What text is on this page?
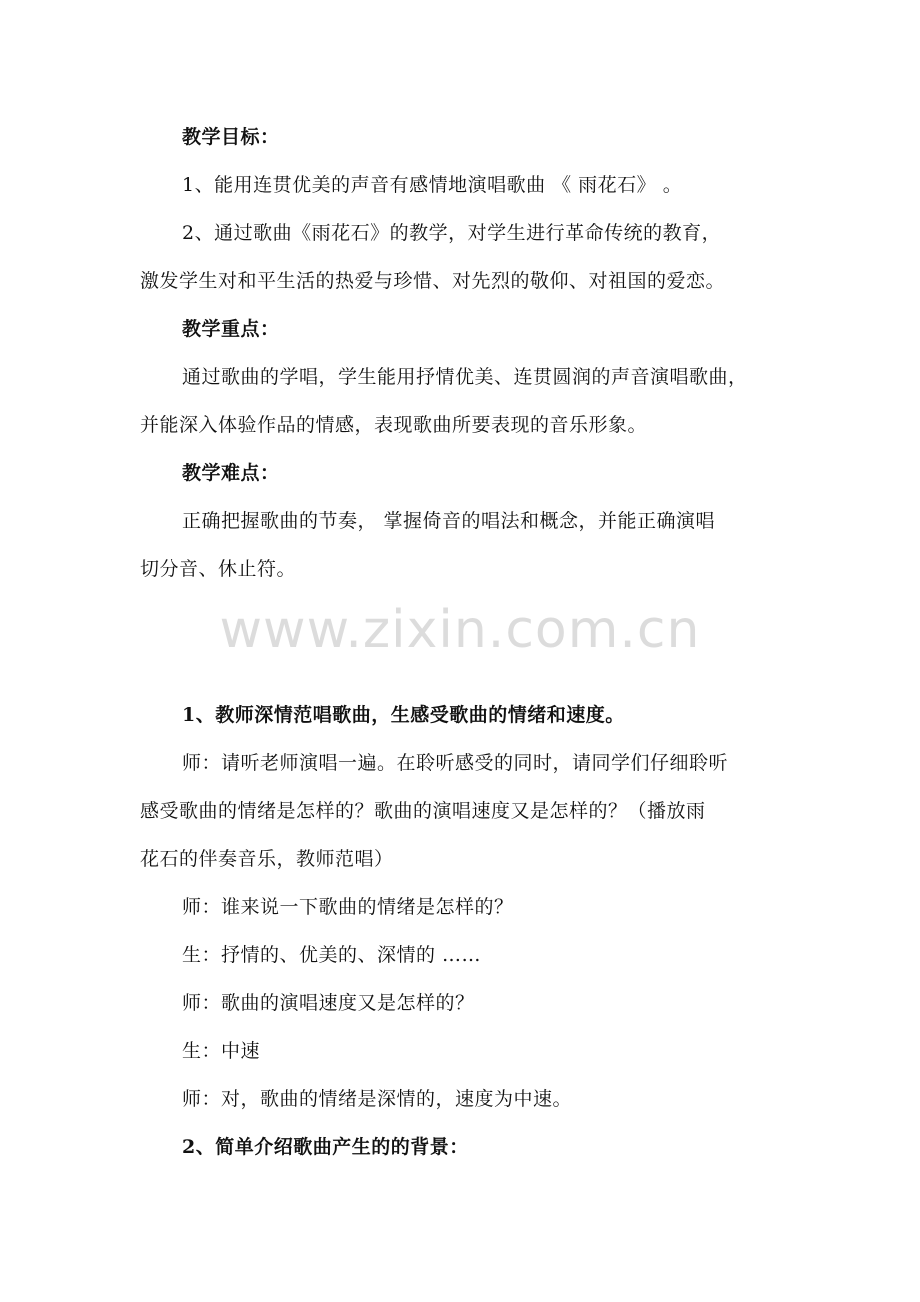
教学目标：
1、能用连贯优美的声音有感情地演唱歌曲 《 雨花石》 。
2、通过歌曲《雨花石》的教学，对学生进行革命传统的教育，
激发学生对和平生活的热爱与珍惜、对先烈的敬仰、对祖国的爱恋。
教学重点：
通过歌曲的学唱，学生能用抒情优美、连贯圆润的声音演唱歌曲，
并能深入体验作品的情感，表现歌曲所要表现的音乐形象。
教学难点：
正确把握歌曲的节奏， 掌握倚音的唱法和概念，并能正确演唱
切分音、休止符。
www.zixin.com.cn
1、教师深情范唱歌曲，生感受歌曲的情绪和速度。
师：请听老师演唱一遍。在聆听感受的同时，请同学们仔细聆听
感受歌曲的情绪是怎样的？歌曲的演唱速度又是怎样的？（播放雨
花石的伴奏音乐，教师范唱）
师：谁来说一下歌曲的情绪是怎样的？
生：抒情的、优美的、深情的 ……
师：歌曲的演唱速度又是怎样的？
生：中速
师：对，歌曲的情绪是深情的，速度为中速。
2、简单介绍歌曲产生的的背景：
